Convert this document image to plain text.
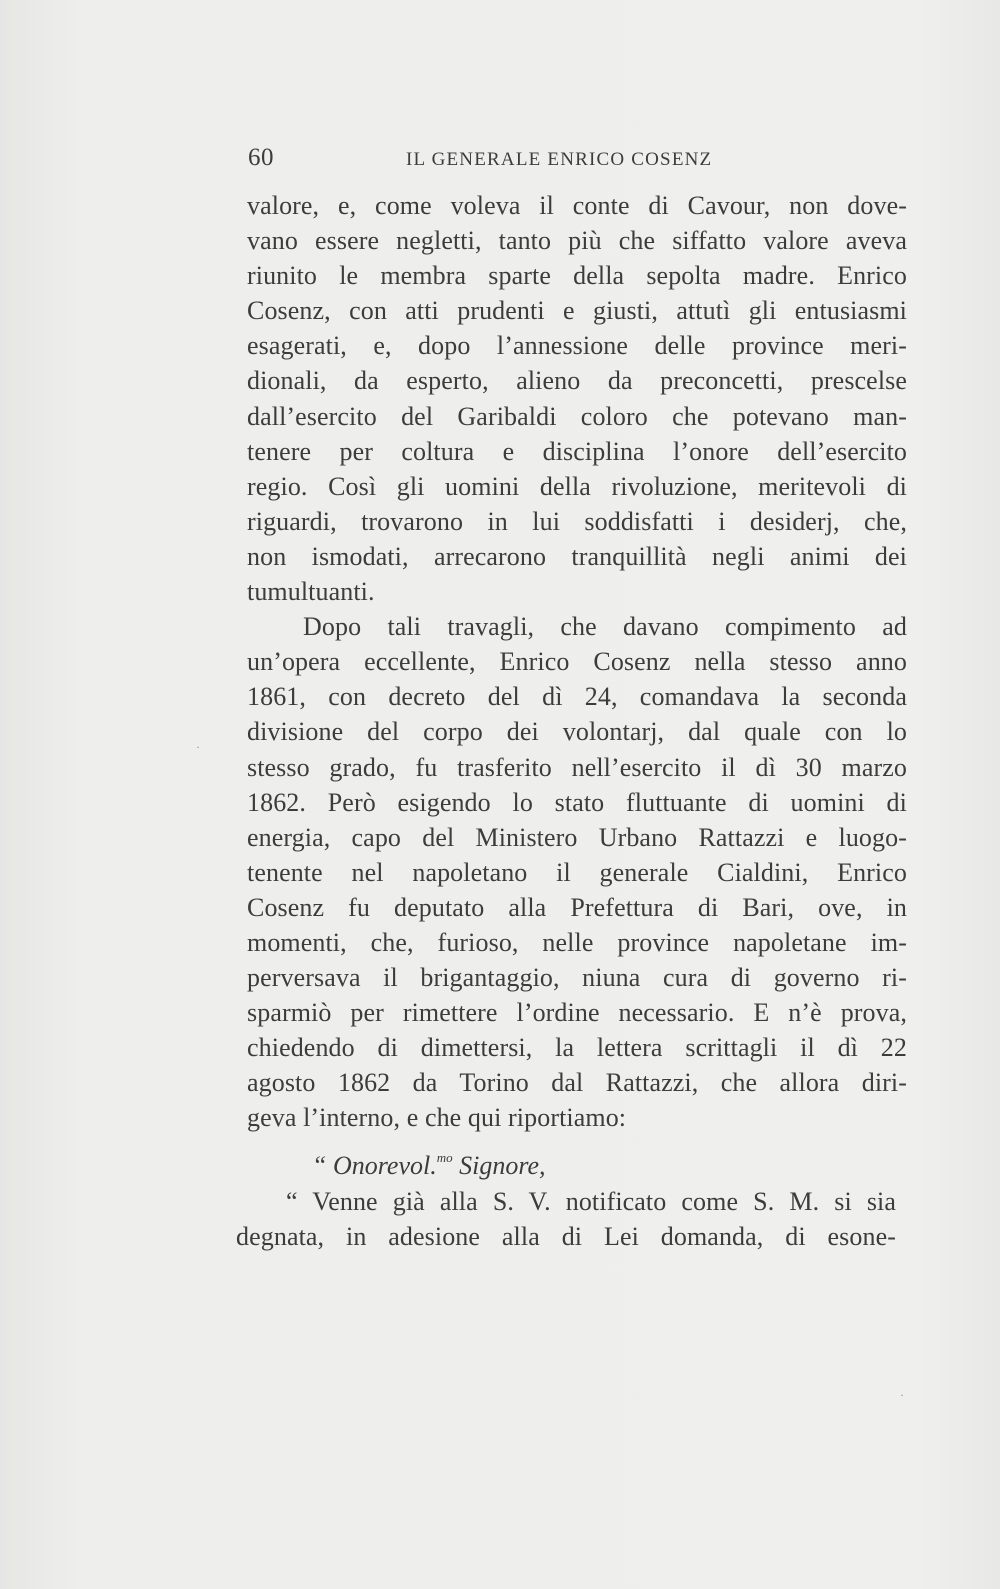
60	IL GENERALE ENRICO COSENZ
valore, e, come voleva il conte di Cavour, non dove-
vano essere negletti, tanto più che siffatto valore aveva
riunito le membra sparte della sepolta madre. Enrico
Cosenz, con atti prudenti e giusti, attutì gli entusiasmi
esagerati, e, dopo l’annessione delle province meri-
dionali, da esperto, alieno da preconcetti, prescelse
dall’esercito del Garibaldi coloro che potevano man-
tenere per coltura e disciplina l’onore dell’esercito
regio. Così gli uomini della rivoluzione, meritevoli di
riguardi, trovarono in lui soddisfatti i desiderj, che,
non ismodati, arrecarono tranquillità negli animi dei
tumultuanti.
Dopo tali travagli, che davano compimento ad
un’opera eccellente, Enrico Cosenz nella stesso anno
1861, con decreto del dì 24, comandava la seconda
divisione del corpo dei volontarj, dal quale con lo
stesso grado, fu trasferito nell’esercito il dì 30 marzo
1862. Però esigendo lo stato fluttuante di uomini di
energia, capo del Ministero Urbano Rattazzi e luogo-
tenente nel napoletano il generale Cialdini, Enrico
Cosenz fu deputato alla Prefettura di Bari, ove, in
momenti, che, furioso, nelle province napoletane im-
perversava il brigantaggio, niuna cura di governo ri-
sparmiò per rimettere l’ordine necessario. E n’è prova,
chiedendo di dimettersi, la lettera scrittagli il dì 22
agosto 1862 da Torino dal Rattazzi, che allora diri-
geva l’interno, e che qui riportiamo:
“ Onorevol.$^{mo}$ Signore,
“ Venne già alla S. V. notificato come S. M. si sia
degnata, in adesione alla di Lei domanda, di esone-
·
·
